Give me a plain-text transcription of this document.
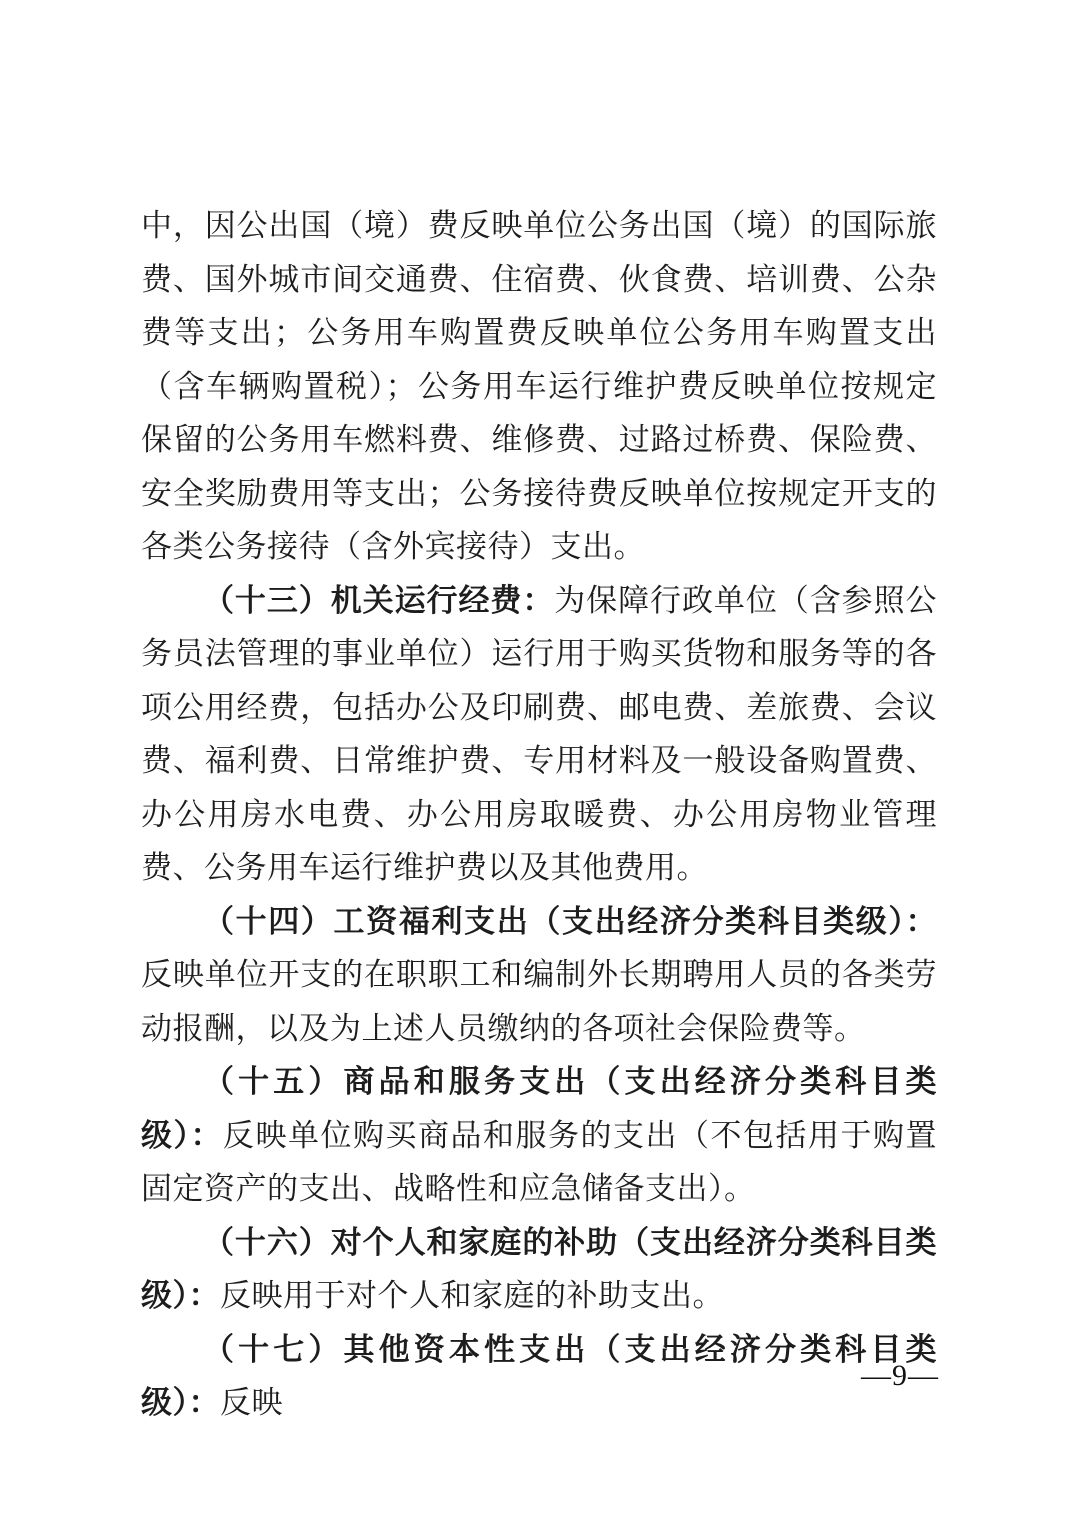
中，因公出国（境）费反映单位公务出国（境）的国际旅费、国外城市间交通费、住宿费、伙食费、培训费、公杂费等支出；公务用车购置费反映单位公务用车购置支出（含车辆购置税）；公务用车运行维护费反映单位按规定保留的公务用车燃料费、维修费、过路过桥费、保险费、安全奖励费用等支出；公务接待费反映单位按规定开支的各类公务接待（含外宾接待）支出。

（十三）机关运行经费：为保障行政单位（含参照公务员法管理的事业单位）运行用于购买货物和服务等的各项公用经费，包括办公及印刷费、邮电费、差旅费、会议费、福利费、日常维护费、专用材料及一般设备购置费、办公用房水电费、办公用房取暖费、办公用房物业管理费、公务用车运行维护费以及其他费用。

（十四）工资福利支出（支出经济分类科目类级）：反映单位开支的在职职工和编制外长期聘用人员的各类劳动报酬，以及为上述人员缴纳的各项社会保险费等。

（十五）商品和服务支出（支出经济分类科目类级）：反映单位购买商品和服务的支出（不包括用于购置固定资产的支出、战略性和应急储备支出）。

（十六）对个人和家庭的补助（支出经济分类科目类级）：反映用于对个人和家庭的补助支出。

（十七）其他资本性支出（支出经济分类科目类级）：反映

—9—
